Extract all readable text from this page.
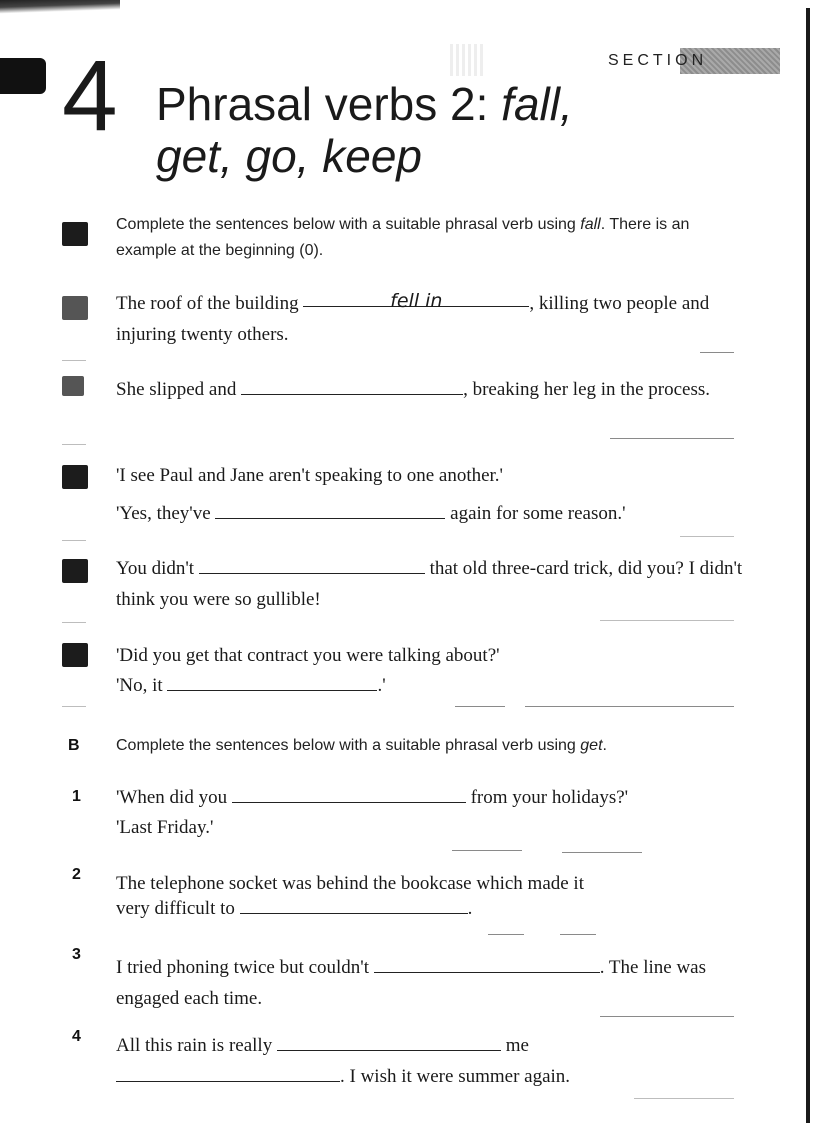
SECTION
4 Phrasal verbs 2: fall,
get, go, keep
Complete the sentences below with a suitable phrasal verb using fall. There is an example at the beginning (0).
The roof of the building	fell in	, killing two people and injuring twenty others.
She slipped and	, breaking her leg in the process.
'I see Paul and Jane aren't speaking to one another.'
'Yes, they've	again for some reason.'
You didn't	that old three-card trick, did you? I didn't think you were so gullible!
'Did you get that contract you were talking about?'
'No, it	.'
B Complete the sentences below with a suitable phrasal verb using get.
1 'When did you	from your holidays?'
'Last Friday.'
2 The telephone socket was behind the bookcase which made it
very difficult to	.
3
I tried phoning twice but couldn't	. The line was engaged each time.
4 All this rain is really	me
. I wish it were summer again.
